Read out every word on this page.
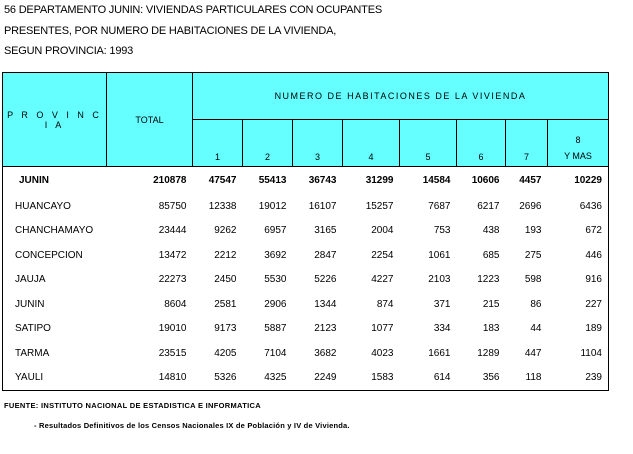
56 DEPARTAMENTO JUNIN: VIVIENDAS PARTICULARES CON OCUPANTES
PRESENTES, POR NUMERO DE HABITACIONES DE LA VIVIENDA,
SEGUN PROVINCIA: 1993
P R O V I N C I A	TOTAL	NUMERO DE HABITACIONES DE LA VIVIENDA							
		1	2	3	4	5	6	7	8
Y MAS

JUNIN	210878	47547	55413	36743	31299	14584	10606	4457	10229
HUANCAYO	85750	12338	19012	16107	15257	7687	6217	2696	6436
CHANCHAMAYO	23444	9262	6957	3165	2004	753	438	193	672
CONCEPCION	13472	2212	3692	2847	2254	1061	685	275	446
JAUJA	22273	2450	5530	5226	4227	2103	1223	598	916
JUNIN	8604	2581	2906	1344	874	371	215	86	227
SATIPO	19010	9173	5887	2123	1077	334	183	44	189
TARMA	23515	4205	7104	3682	4023	1661	1289	447	1104
YAULI	14810	5326	4325	2249	1583	614	356	118	239
FUENTE: INSTITUTO NACIONAL DE ESTADISTICA E INFORMATICA
- Resultados Definitivos de los Censos Nacionales IX de Población y IV de Vivienda.
